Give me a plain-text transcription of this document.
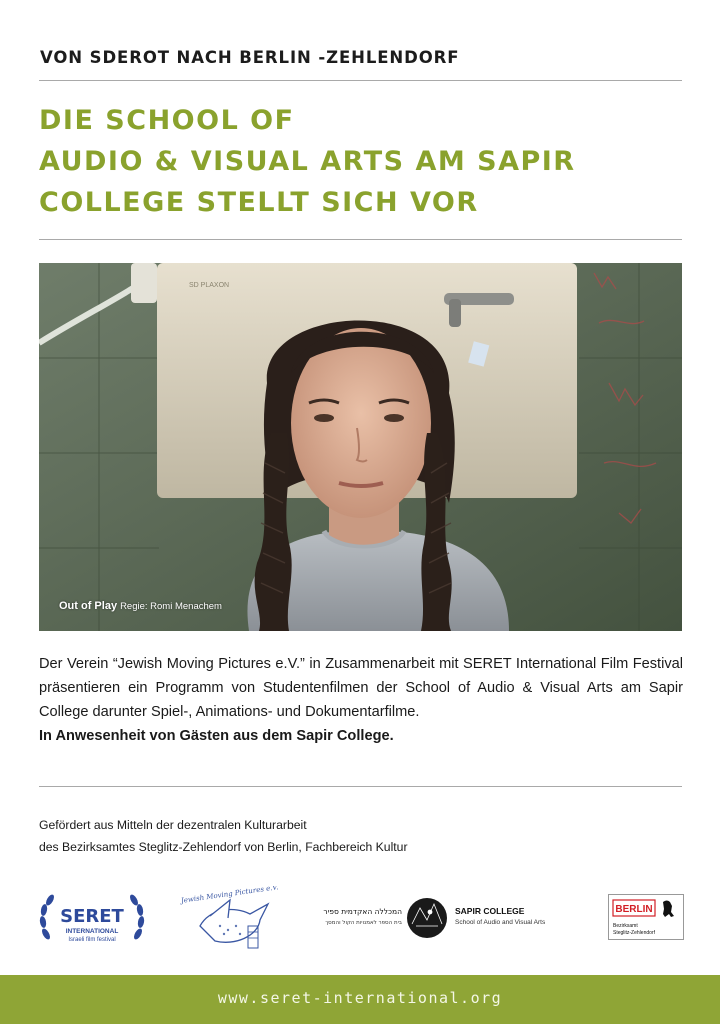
VON SDEROT NACH BERLIN -ZEHLENDORF
DIE SCHOOL OF
AUDIO & VISUAL ARTS AM SAPIR
COLLEGE STELLT SICH VOR
SD PLAXON
Out of Play Regie: Romi Menachem

Der Verein “Jewish Moving Pictures e.V.” in Zusammenarbeit mit SERET International Film Festival präsentieren ein Programm von Studentenfilmen der School of Audio & Visual Arts am Sapir College darunter Spiel-, Animations- und Dokumentarfilme.

In Anwesenheit von Gästen aus dem Sapir College.

Gefördert aus Mitteln der dezentralen Kulturarbeit
des Bezirksamtes Steglitz-Zehlendorf von Berlin, Fachbereich Kultur
SERET
INTERNATIONAL
Israeli film festival
Jewish Moving Pictures e.V.
המכללה האקדמית ספיר
בית הספר לאמנויות הקול והמסך
SAPIR COLLEGE
School of Audio and Visual Arts
BERLIN
Bezirksamt
Steglitz-Zehlendorf
www.seret-international.org
